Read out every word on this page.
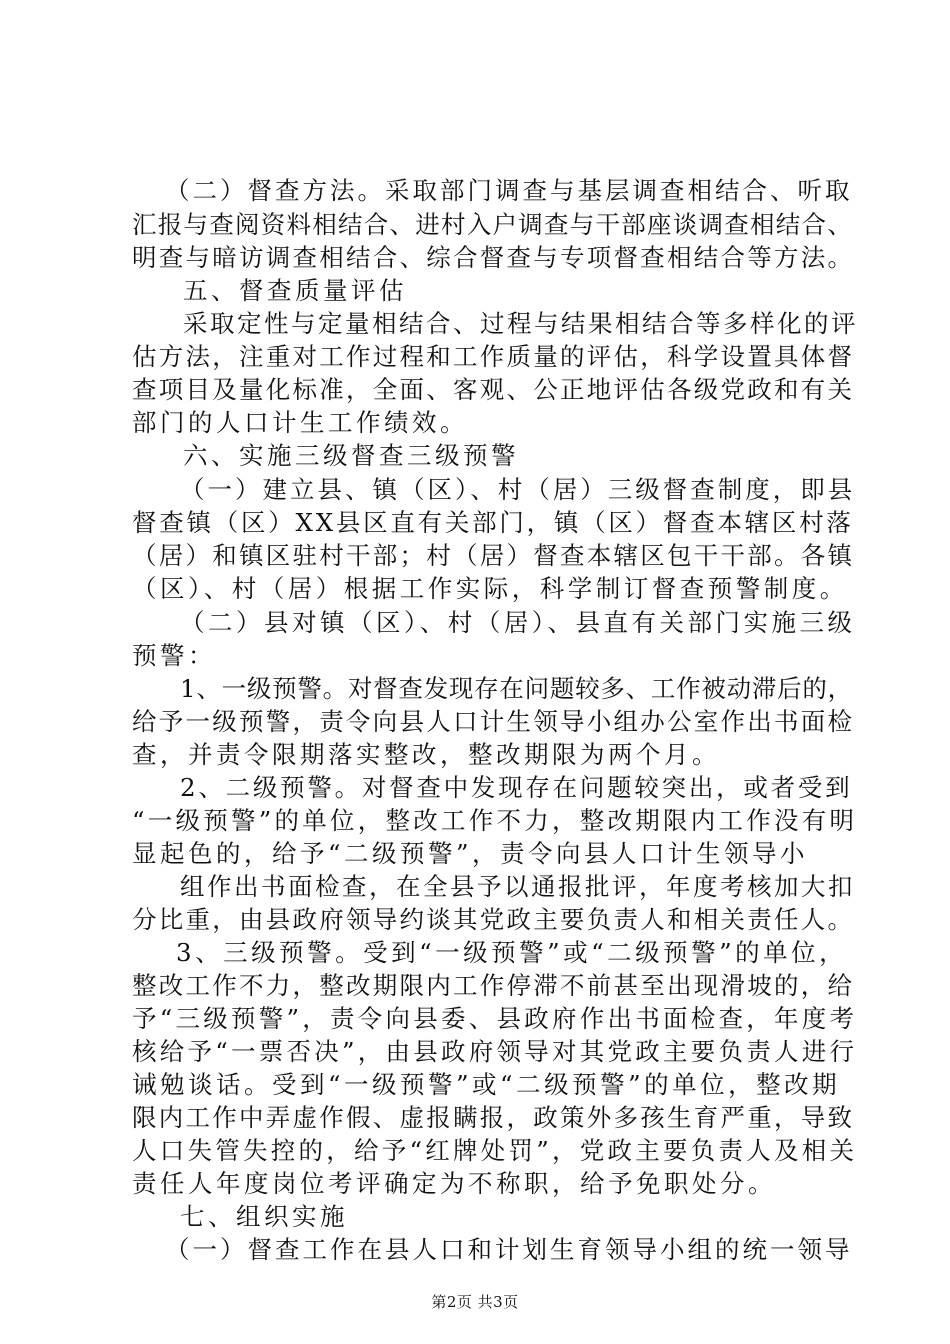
（二）督查方法。采取部门调查与基层调查相结合、听取
汇报与查阅资料相结合、进村入户调查与干部座谈调查相结合、
明查与暗访调查相结合、综合督查与专项督查相结合等方法。
五、督查质量评估
采取定性与定量相结合、过程与结果相结合等多样化的评
估方法，注重对工作过程和工作质量的评估，科学设置具体督
查项目及量化标准，全面、客观、公正地评估各级党政和有关
部门的人口计生工作绩效。
六、实施三级督查三级预警
（一）建立县、镇（区）、村（居）三级督查制度，即县
督查镇（区）XX县区直有关部门，镇（区）督查本辖区村落
（居）和镇区驻村干部；村（居）督查本辖区包干干部。各镇
（区）、村（居）根据工作实际，科学制订督查预警制度。
（二）县对镇（区）、村（居）、县直有关部门实施三级
预警：
1、一级预警。对督查发现存在问题较多、工作被动滞后的，
给予一级预警，责令向县人口计生领导小组办公室作出书面检
查，并责令限期落实整改，整改期限为两个月。
2、二级预警。对督查中发现存在问题较突出，或者受到
“一级预警”的单位，整改工作不力，整改期限内工作没有明
显起色的，给予“二级预警”，责令向县人口计生领导小
组作出书面检查，在全县予以通报批评，年度考核加大扣
分比重，由县政府领导约谈其党政主要负责人和相关责任人。
3、三级预警。受到“一级预警”或“二级预警”的单位，
整改工作不力，整改期限内工作停滞不前甚至出现滑坡的，给
予“三级预警”，责令向县委、县政府作出书面检查，年度考
核给予“一票否决”，由县政府领导对其党政主要负责人进行
诫勉谈话。受到“一级预警”或“二级预警”的单位，整改期
限内工作中弄虚作假、虚报瞒报，政策外多孩生育严重，导致
人口失管失控的，给予“红牌处罚”，党政主要负责人及相关
责任人年度岗位考评确定为不称职，给予免职处分。
七、组织实施
（一）督查工作在县人口和计划生育领导小组的统一领导
第2页 共3页
